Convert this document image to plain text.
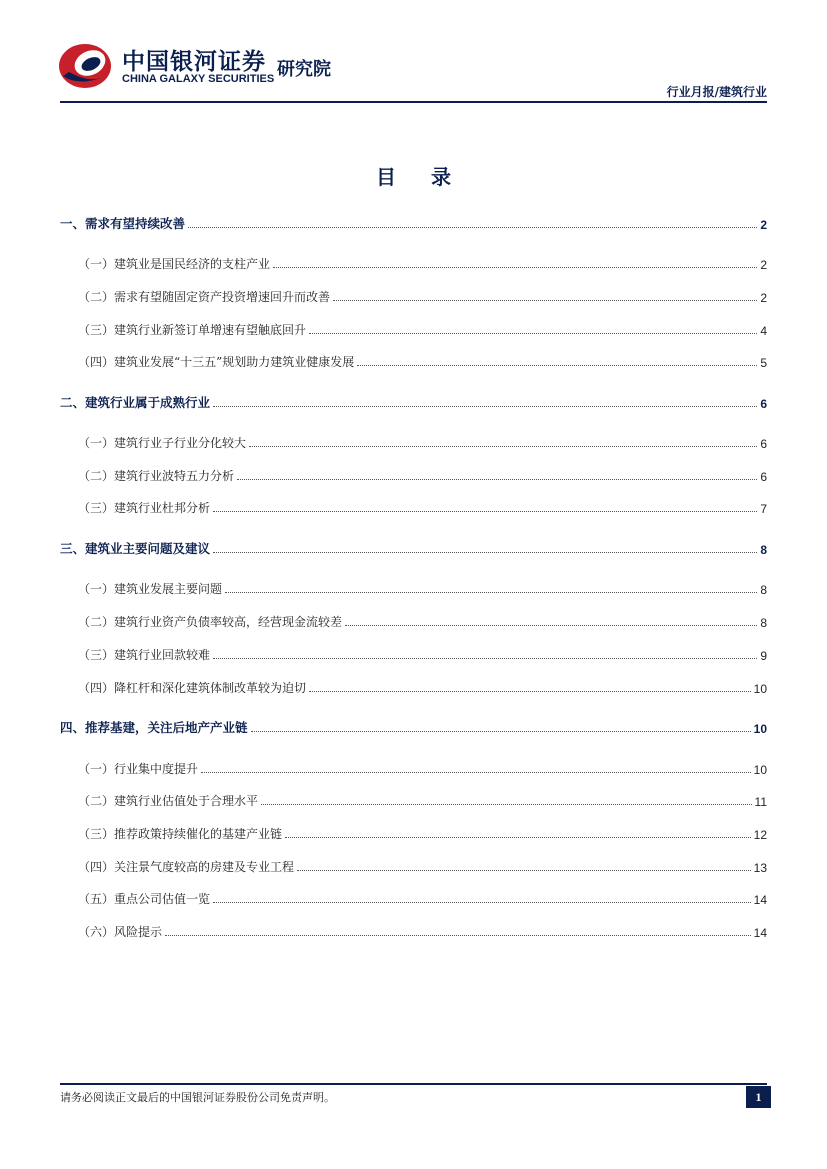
中国银河证券
CHINA GALAXY SECURITIES 研究院
行业月报/建筑行业
目 录
一、需求有望持续改善	2
（一）建筑业是国民经济的支柱产业	2
（二）需求有望随固定资产投资增速回升而改善	2
（三）建筑行业新签订单增速有望触底回升	4
（四）建筑业发展“十三五”规划助力建筑业健康发展	5
二、建筑行业属于成熟行业	6
（一）建筑行业子行业分化较大	6
（二）建筑行业波特五力分析	6
（三）建筑行业杜邦分析	7
三、建筑业主要问题及建议	8
（一）建筑业发展主要问题	8
（二）建筑行业资产负债率较高，经营现金流较差	8
（三）建筑行业回款较难	9
（四）降杠杆和深化建筑体制改革较为迫切	10
四、推荐基建，关注后地产产业链	10
（一）行业集中度提升	10
（二）建筑行业估值处于合理水平	11
（三）推荐政策持续催化的基建产业链	12
（四）关注景气度较高的房建及专业工程	13
（五）重点公司估值一览	14
（六）风险提示	14
请务必阅读正文最后的中国银河证券股份公司免责声明。	1
